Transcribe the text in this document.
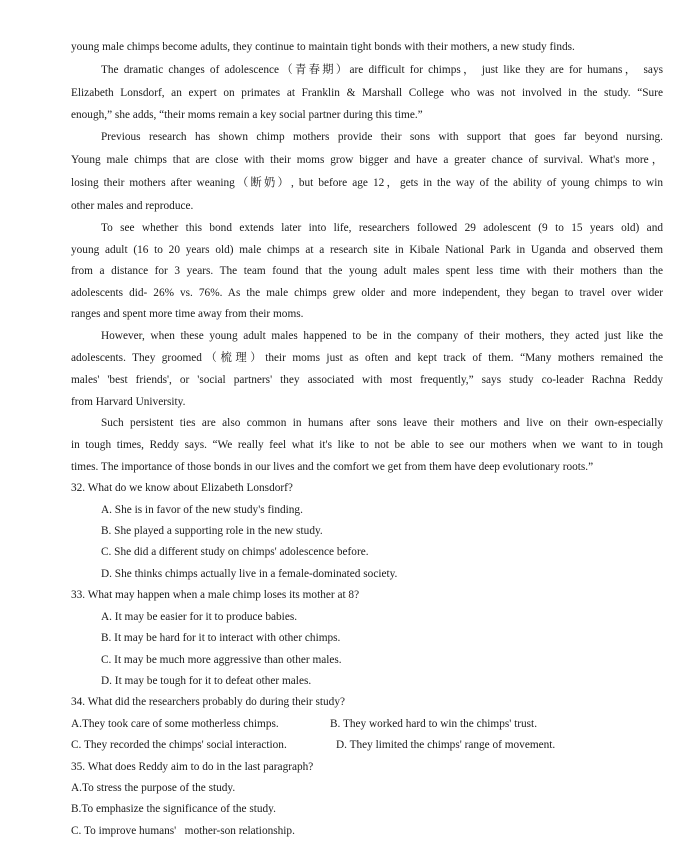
young male chimps become adults, they continue to maintain tight bonds with their mothers, a new study finds.
The dramatic changes of adolescence（青春期）are difficult for chimps， just like they are for humans， says
Elizabeth Lonsdorf, an expert on primates at Franklin & Marshall College who was not involved in the study. “Sure
enough,” she adds, “their moms remain a key social partner during this time.”
Previous research has shown chimp mothers provide their sons with support that goes far beyond nursing.
Young male chimps that are close with their moms grow bigger and have a greater chance of survival. What's more，
losing their mothers after weaning（断奶）, but before age 12，gets in the way of the ability of young chimps to win
other males and reproduce.
To see whether this bond extends later into life, researchers followed 29 adolescent (9 to 15 years old) and
young adult (16 to 20 years old) male chimps at a research site in Kibale National Park in Uganda and observed them
from a distance for 3 years. The team found that the young adult males spent less time with their mothers than the
adolescents did- 26% vs. 76%. As the male chimps grew older and more independent, they began to travel over wider
ranges and spent more time away from their moms.
However, when these young adult males happened to be in the company of their mothers, they acted just like the
adolescents. They groomed（梳理）their moms just as often and kept track of them. “Many mothers remained the
males' 'best friends', or 'social partners' they associated with most frequently,” says study co-leader Rachna Reddy
from Harvard University.
Such persistent ties are also common in humans after sons leave their mothers and live on their own-especially
in tough times, Reddy says. “We really feel what it's like to not be able to see our mothers when we want to in tough
times. The importance of those bonds in our lives and the comfort we get from them have deep evolutionary roots.”
32. What do we know about Elizabeth Lonsdorf?
A. She is in favor of the new study's finding.
B. She played a supporting role in the new study.
C. She did a different study on chimps' adolescence before.
D. She thinks chimps actually live in a female-dominated society.
33. What may happen when a male chimp loses its mother at 8?
A. It may be easier for it to produce babies.
B. It may be hard for it to interact with other chimps.
C. It may be much more aggressive than other males.
D. It may be tough for it to defeat other males.
34. What did the researchers probably do during their study?
A.They took care of some motherless chimps.	B. They worked hard to win the chimps' trust.
C. They recorded the chimps' social interaction.	D. They limited the chimps' range of movement.
35. What does Reddy aim to do in the last paragraph?
A.To stress the purpose of the study.
B.To emphasize the significance of the study.
C. To improve humans'   mother-son relationship.
